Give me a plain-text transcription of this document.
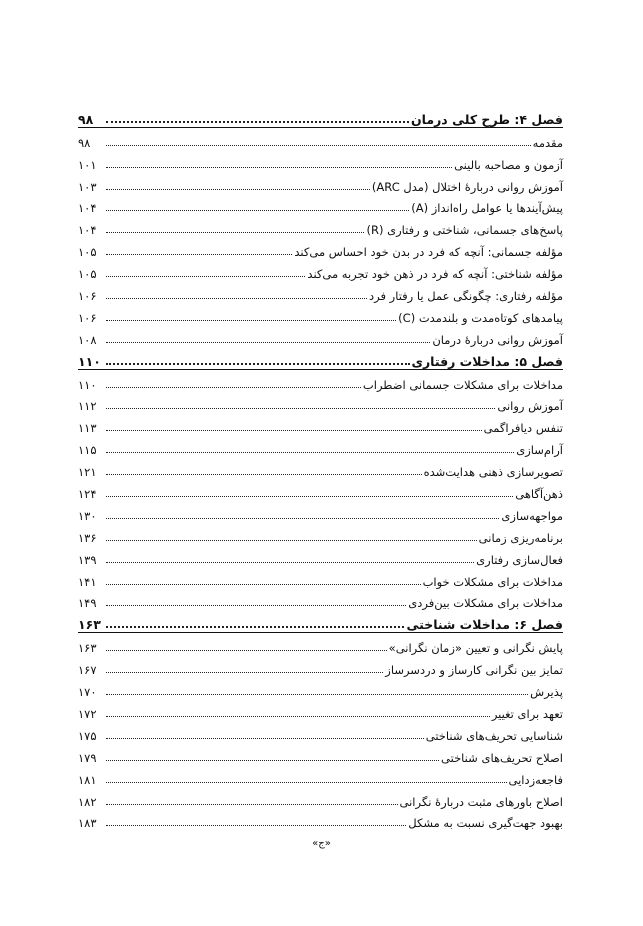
فصل ۴: طرح کلی درمان
۹۸
مقدمه
۹۸
آزمون و مصاحبه بالینی
۱۰۱
آموزش روانی دربارهٔ اختلال (مدل ARC)
۱۰۳
پیش‌آیندها یا عوامل راه‌انداز (A)
۱۰۴
پاسخ‌های جسمانی، شناختی و رفتاری (R)
۱۰۴
مؤلفه جسمانی: آنچه که فرد در بدن خود احساس می‌کند
۱۰۵
مؤلفه شناختی: آنچه که فرد در ذهن خود تجربه می‌کند
۱۰۵
مؤلفه رفتاری: چگونگی عمل یا رفتار فرد
۱۰۶
پیامدهای کوتاه‌مدت و بلندمدت (C)
۱۰۶
آموزش روانی دربارهٔ درمان
۱۰۸
فصل ۵: مداخلات رفتاری
۱۱۰
مداخلات برای مشکلات جسمانی اضطراب
۱۱۰
آموزش روانی
۱۱۲
تنفس دیافراگمی
۱۱۳
آرام‌سازی
۱۱۵
تصویرسازی ذهنی هدایت‌شده
۱۲۱
ذهن‌آگاهی
۱۲۴
مواجهه‌سازی
۱۳۰
برنامه‌ریزی زمانی
۱۳۶
فعال‌سازی رفتاری
۱۳۹
مداخلات برای مشکلات خواب
۱۴۱
مداخلات برای مشکلات بین‌فردی
۱۴۹
فصل ۶: مداخلات شناختی
۱۶۳
پایش نگرانی و تعیین «زمان نگرانی»
۱۶۳
تمایز بین نگرانی کارساز و دردسرساز
۱۶۷
پذیرش
۱۷۰
تعهد برای تغییر
۱۷۲
شناسایی تحریف‌های شناختی
۱۷۵
اصلاح تحریف‌های شناختی
۱۷۹
فاجعه‌زدایی
۱۸۱
اصلاح باورهای مثبت دربارهٔ نگرانی
۱۸۲
بهبود جهت‌گیری نسبت به مشکل
۱۸۳
«ج»
